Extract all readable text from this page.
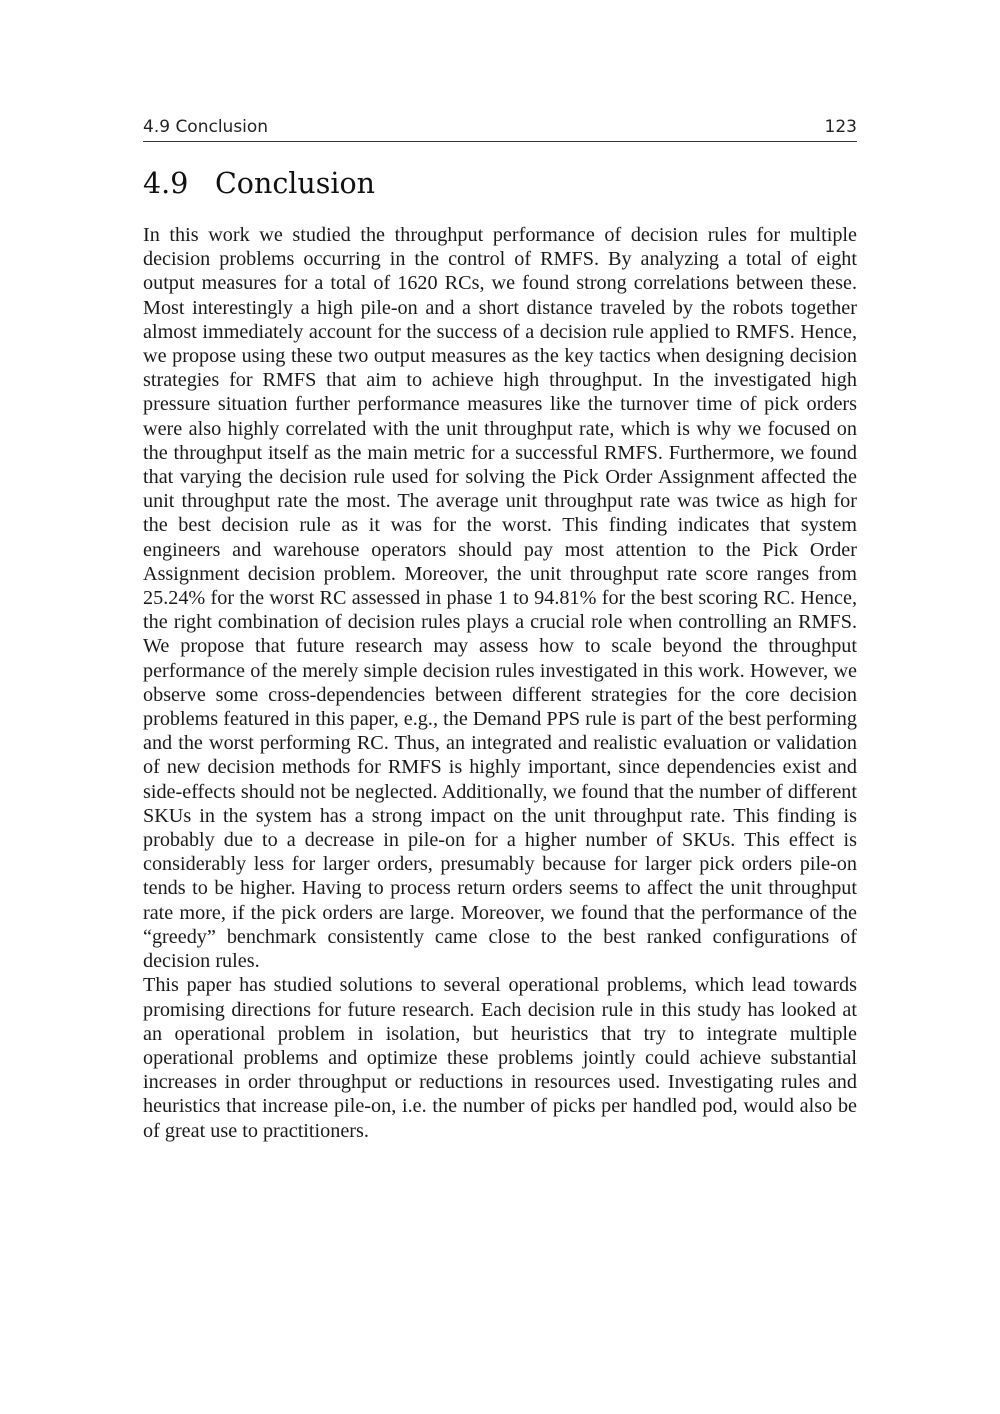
4.9 Conclusion	123
4.9 Conclusion

In this work we studied the throughput performance of decision rules for multiple decision problems occurring in the control of RMFS. By analyzing a total of eight output measures for a total of 1620 RCs, we found strong correlations between these. Most interestingly a high pile-on and a short distance traveled by the robots together almost immediately account for the success of a decision rule applied to RMFS. Hence, we propose using these two output measures as the key tactics when designing decision strategies for RMFS that aim to achieve high throughput. In the investigated high pressure situation further performance measures like the turnover time of pick orders were also highly correlated with the unit throughput rate, which is why we focused on the throughput itself as the main metric for a successful RMFS. Furthermore, we found that varying the decision rule used for solving the Pick Order Assignment affected the unit throughput rate the most. The average unit throughput rate was twice as high for the best decision rule as it was for the worst. This finding indicates that system engineers and warehouse operators should pay most attention to the Pick Order Assignment decision problem. Moreover, the unit throughput rate score ranges from 25.24% for the worst RC assessed in phase 1 to 94.81% for the best scoring RC. Hence, the right combination of decision rules plays a crucial role when controlling an RMFS. We propose that future research may assess how to scale beyond the throughput performance of the merely simple decision rules investigated in this work. However, we observe some cross-dependencies between different strategies for the core decision problems featured in this paper, e.g., the Demand PPS rule is part of the best performing and the worst performing RC. Thus, an integrated and realistic evaluation or validation of new decision methods for RMFS is highly important, since dependencies exist and side-effects should not be neglected. Additionally, we found that the number of different SKUs in the system has a strong impact on the unit throughput rate. This finding is probably due to a decrease in pile-on for a higher number of SKUs. This effect is considerably less for larger orders, presumably because for larger pick orders pile-on tends to be higher. Having to process return orders seems to affect the unit throughput rate more, if the pick orders are large. Moreover, we found that the performance of the “greedy” benchmark consistently came close to the best ranked configurations of decision rules.

This paper has studied solutions to several operational problems, which lead towards promising directions for future research. Each decision rule in this study has looked at an operational problem in isolation, but heuristics that try to integrate multiple operational problems and optimize these problems jointly could achieve substantial increases in order throughput or reductions in resources used. Investigating rules and heuristics that increase pile-on, i.e. the number of picks per handled pod, would also be of great use to practitioners.
